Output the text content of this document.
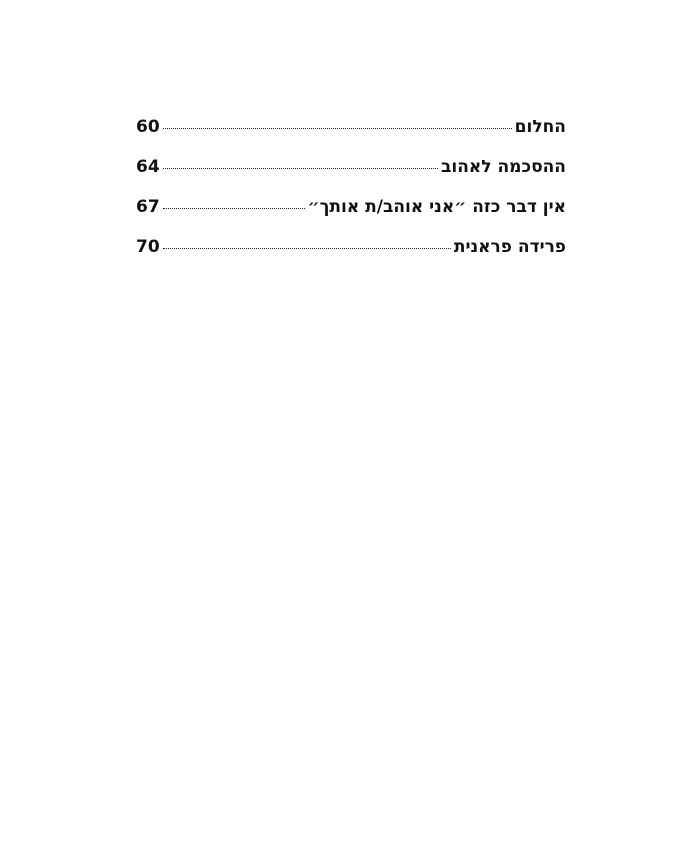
החלום
60
ההסכמה לאהוב
64
אין דבר כזה ״אני אוהב/ת אותך״
67
פרידה פראנית
70
